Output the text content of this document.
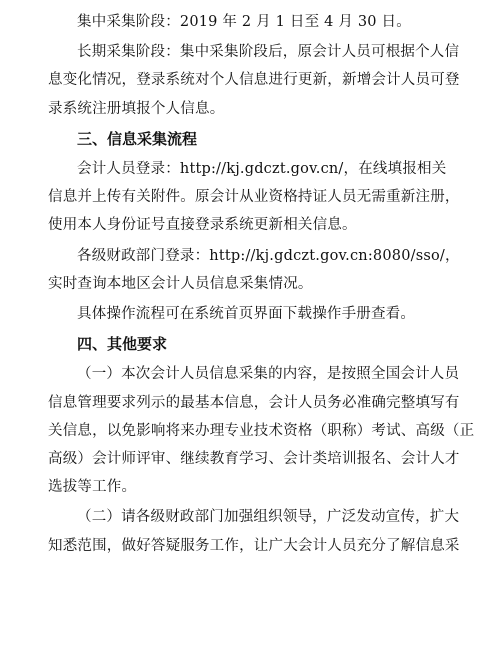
集中采集阶段：2019 年 2 月 1 日至 4 月 30 日。
长期采集阶段：集中采集阶段后，原会计人员可根据个人信
息变化情况，登录系统对个人信息进行更新，新增会计人员可登
录系统注册填报个人信息。
三、信息采集流程
会计人员登录：http://kj.gdczt.gov.cn/，在线填报相关
信息并上传有关附件。原会计从业资格持证人员无需重新注册，
使用本人身份证号直接登录系统更新相关信息。
各级财政部门登录：http://kj.gdczt.gov.cn:8080/sso/，
实时查询本地区会计人员信息采集情况。
具体操作流程可在系统首页界面下载操作手册查看。
四、其他要求
（一）本次会计人员信息采集的内容，是按照全国会计人员
信息管理要求列示的最基本信息，会计人员务必准确完整填写有
关信息，以免影响将来办理专业技术资格（职称）考试、高级（正
高级）会计师评审、继续教育学习、会计类培训报名、会计人才
选拔等工作。
（二）请各级财政部门加强组织领导，广泛发动宣传，扩大
知悉范围，做好答疑服务工作，让广大会计人员充分了解信息采
